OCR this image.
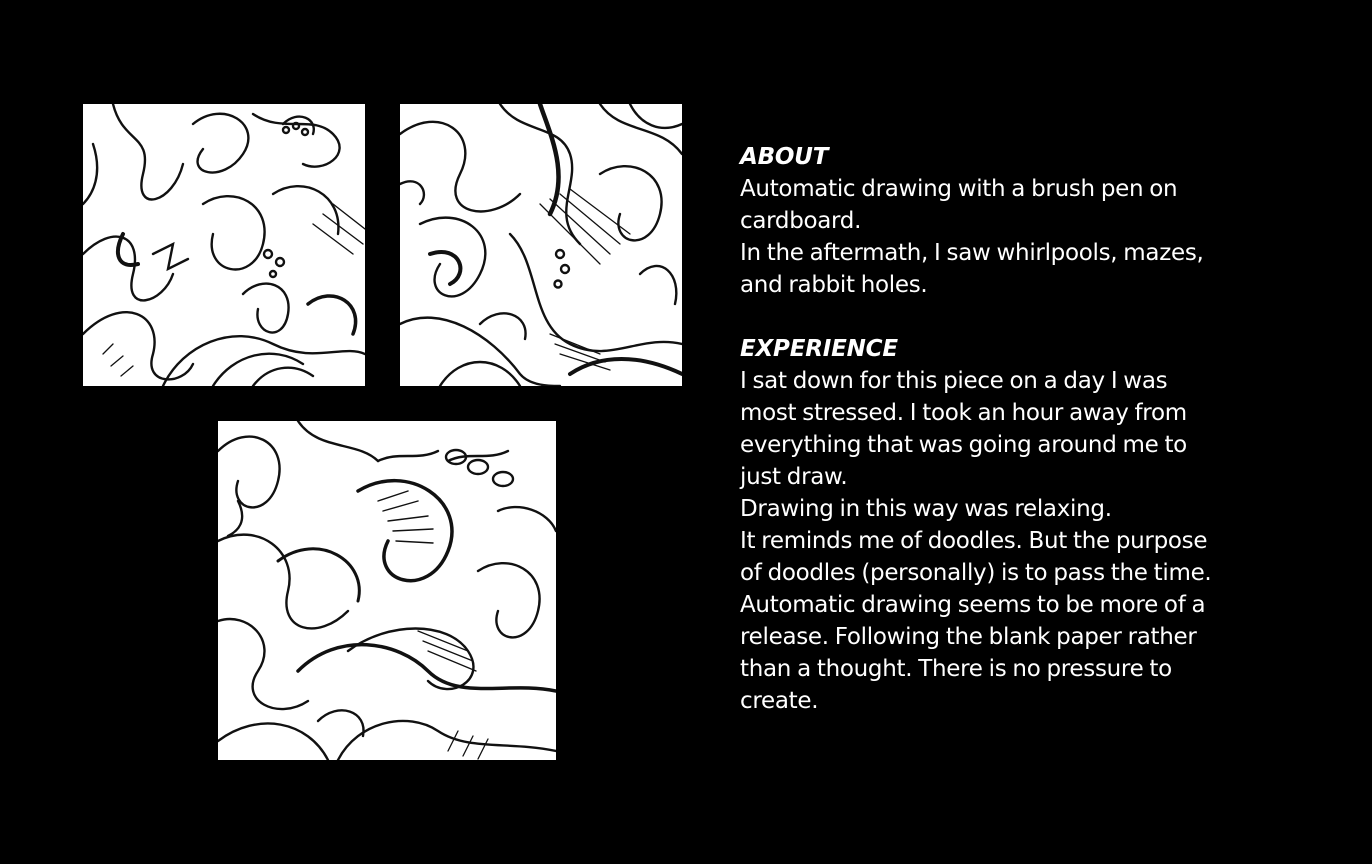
ABOUT
Automatic drawing with a brush pen on
cardboard.
In the aftermath, I saw whirlpools, mazes,
and rabbit holes.
EXPERIENCE
I sat down for this piece on a day I was
most stressed. I took an hour away from
everything that was going around me to
just draw.
Drawing in this way was relaxing.
It reminds me of doodles. But the purpose
of doodles (personally) is to pass the time.
Automatic drawing seems to be more of a
release. Following the blank paper rather
than a thought. There is no pressure to
create.
